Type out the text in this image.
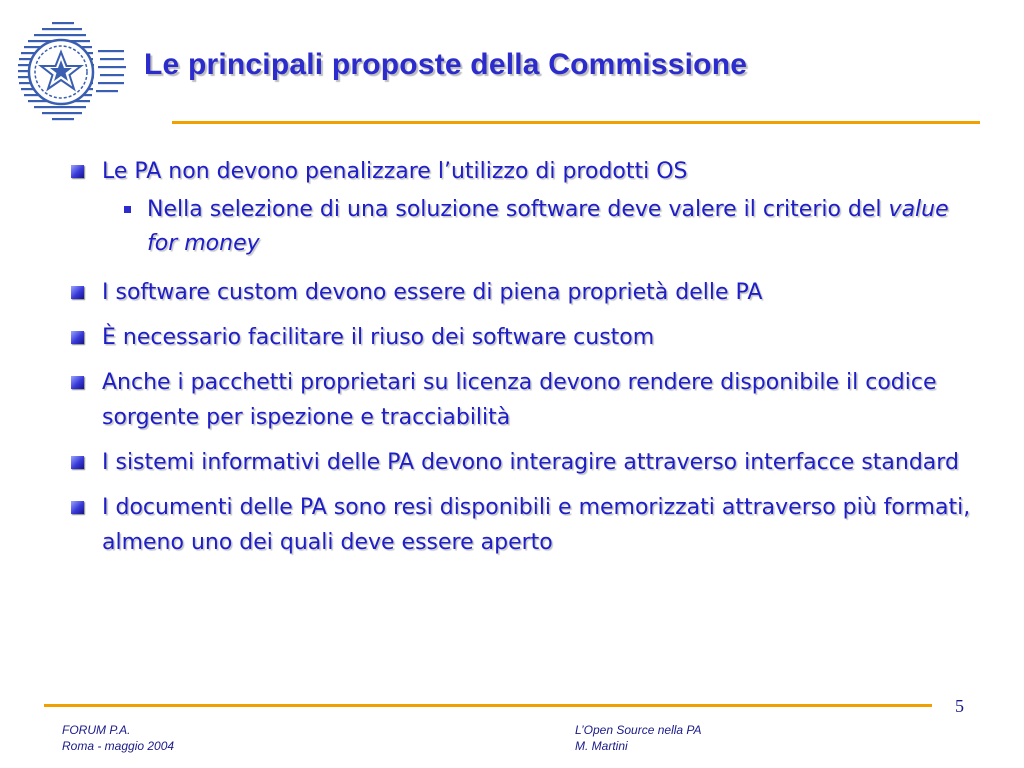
Le principali proposte della Commissione
Le PA non devono penalizzare l’utilizzo di prodotti OS
Nella selezione di una soluzione software deve valere il criterio del value for money
I software custom devono essere di piena proprietà delle PA
È necessario facilitare il riuso dei software custom
Anche i pacchetti proprietari su licenza devono rendere disponibile il codice sorgente per ispezione e tracciabilità
I sistemi informativi delle PA devono interagire attraverso interfacce standard
I documenti delle PA sono resi disponibili e memorizzati attraverso più formati, almeno uno dei quali deve essere aperto
5
FORUM P.A.
Roma - maggio 2004
L’Open Source nella PA
M. Martini
